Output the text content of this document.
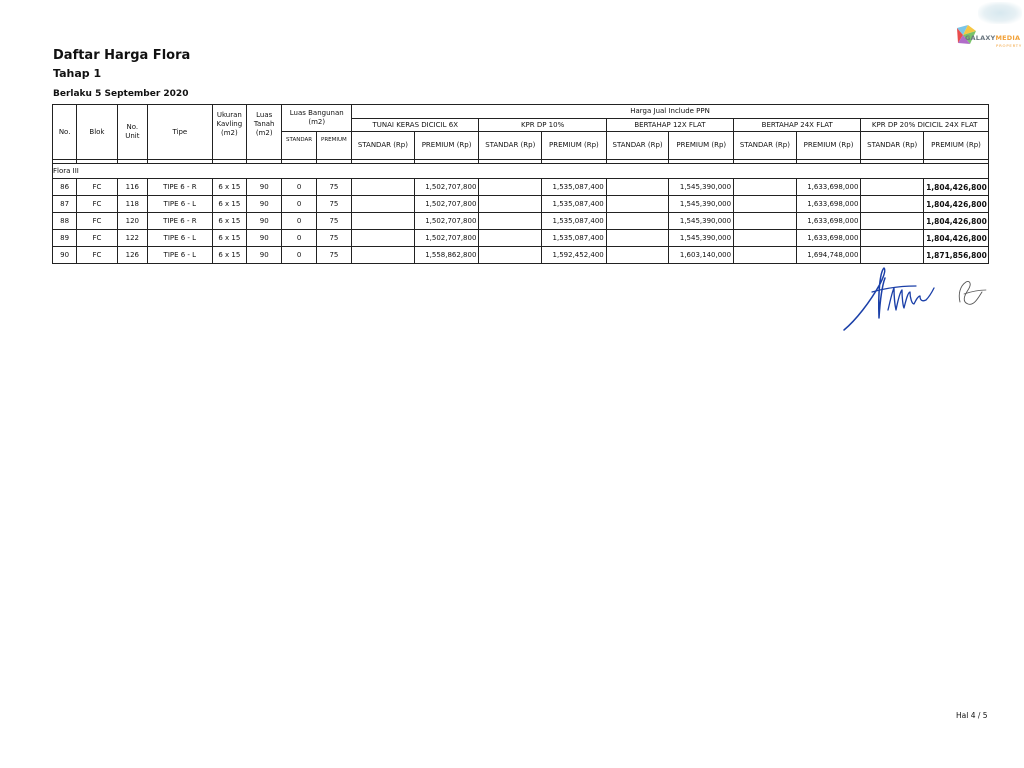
GALAXYMEDIA
PROPERTY
Daftar Harga Flora
Tahap 1
Berlaku 5 September 2020
No.	Blok	No. Unit	Tipe	Ukuran Kavling (m2)	Luas Tanah (m2)	Luas Bangunan (m2)		Harga Jual Include PPN									
								TUNAI KERAS DICICIL 6X		KPR DP 10%		BERTAHAP 12X FLAT		BERTAHAP 24X FLAT		KPR DP 20% DICICIL 24X FLAT	
						STANDAR	PREMIUM	STANDAR (Rp)	PREMIUM (Rp)	STANDAR (Rp)	PREMIUM (Rp)	STANDAR (Rp)	PREMIUM (Rp)	STANDAR (Rp)	PREMIUM (Rp)	STANDAR (Rp)	PREMIUM (Rp)

Flora III																	
86	FC	116	TIPE 6 - R	6 x 15	90	0	75		1,502,707,800		1,535,087,400		1,545,390,000		1,633,698,000		1,804,426,800
87	FC	118	TIPE 6 - L	6 x 15	90	0	75		1,502,707,800		1,535,087,400		1,545,390,000		1,633,698,000		1,804,426,800
88	FC	120	TIPE 6 - R	6 x 15	90	0	75		1,502,707,800		1,535,087,400		1,545,390,000		1,633,698,000		1,804,426,800
89	FC	122	TIPE 6 - L	6 x 15	90	0	75		1,502,707,800		1,535,087,400		1,545,390,000		1,633,698,000		1,804,426,800
90	FC	126	TIPE 6 - L	6 x 15	90	0	75		1,558,862,800		1,592,452,400		1,603,140,000		1,694,748,000		1,871,856,800
Hal 4 / 5
